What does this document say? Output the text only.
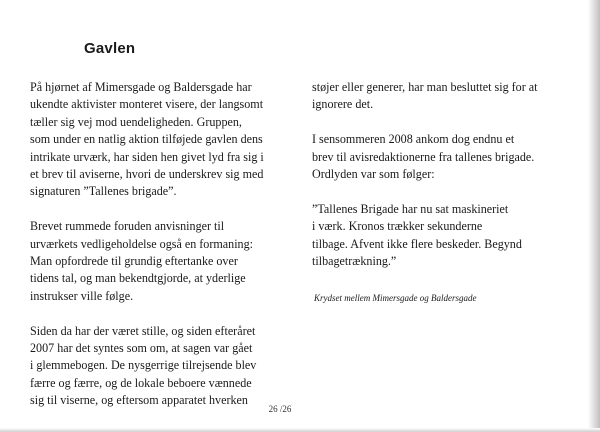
Gavlen

På hjørnet af Mimersgade og Baldersgade har
ukendte aktivister monteret visere, der langsomt
tæller sig vej mod uendeligheden. Gruppen,
som under en natlig aktion tilføjede gavlen dens
intrikate urværk, har siden hen givet lyd fra sig i
et brev til aviserne, hvori de underskrev sig med
signaturen ”Tallenes brigade”.

Brevet rummede foruden anvisninger til
urværkets vedligeholdelse også en formaning:
Man opfordrede til grundig eftertanke over
tidens tal, og man bekendtgjorde, at yderlige
instrukser ville følge.

Siden da har der været stille, og siden efteråret
2007 har det syntes som om, at sagen var gået
i glemmebogen. De nysgerrige tilrejsende blev
færre og færre, og de lokale beboere vænnede
sig til viserne, og eftersom apparatet hverken

støjer eller generer, har man besluttet sig for at
ignorere det.

I sensommeren 2008 ankom dog endnu et
brev til avisredaktionerne fra tallenes brigade.
Ordlyden var som følger:

”Tallenes Brigade har nu sat maskineriet
i værk. Kronos trækker sekunderne
tilbage. Afvent ikke flere beskeder. Begynd
tilbagetrækning.”

Krydset mellem Mimersgade og Baldersgade

26 /26
